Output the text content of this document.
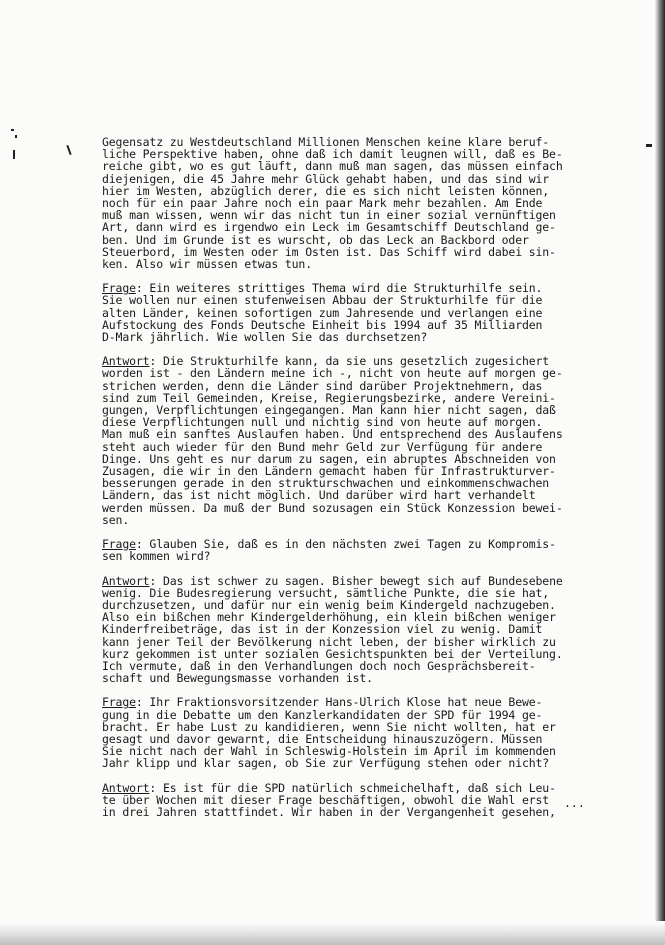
Gegensatz zu Westdeutschland Millionen Menschen keine klare beruf-
liche Perspektive haben, ohne daß ich damit leugnen will, daß es Be-
reiche gibt, wo es gut läuft, dann muß man sagen, das müssen einfach
diejenigen, die 45 Jahre mehr Glück gehabt haben, und das sind wir
hier im Westen, abzüglich derer, die es sich nicht leisten können,
noch für ein paar Jahre noch ein paar Mark mehr bezahlen. Am Ende
muß man wissen, wenn wir das nicht tun in einer sozial vernünftigen
Art, dann wird es irgendwo ein Leck im Gesamtschiff Deutschland ge-
ben. Und im Grunde ist es wurscht, ob das Leck an Backbord oder
Steuerbord, im Westen oder im Osten ist. Das Schiff wird dabei sin-
ken. Also wir müssen etwas tun.
Frage: Ein weiteres strittiges Thema wird die Strukturhilfe sein.
Sie wollen nur einen stufenweisen Abbau der Strukturhilfe für die
alten Länder, keinen sofortigen zum Jahresende und verlangen eine
Aufstockung des Fonds Deutsche Einheit bis 1994 auf 35 Milliarden
D-Mark jährlich. Wie wollen Sie das durchsetzen?
Antwort: Die Strukturhilfe kann, da sie uns gesetzlich zugesichert
worden ist - den Ländern meine ich -, nicht von heute auf morgen ge-
strichen werden, denn die Länder sind darüber Projektnehmern, das
sind zum Teil Gemeinden, Kreise, Regierungsbezirke, andere Vereini-
gungen, Verpflichtungen eingegangen. Man kann hier nicht sagen, daß
diese Verpflichtungen null und nichtig sind von heute auf morgen.
Man muß ein sanftes Auslaufen haben. Und entsprechend des Auslaufens
steht auch wieder für den Bund mehr Geld zur Verfügung für andere
Dinge. Uns geht es nur darum zu sagen, ein abruptes Abschneiden von
Zusagen, die wir in den Ländern gemacht haben für Infrastrukturver-
besserungen gerade in den strukturschwachen und einkommenschwachen
Ländern, das ist nicht möglich. Und darüber wird hart verhandelt
werden müssen. Da muß der Bund sozusagen ein Stück Konzession bewei-
sen.
Frage: Glauben Sie, daß es in den nächsten zwei Tagen zu Kompromis-
sen kommen wird?
Antwort: Das ist schwer zu sagen. Bisher bewegt sich auf Bundesebene
wenig. Die Budesregierung versucht, sämtliche Punkte, die sie hat,
durchzusetzen, und dafür nur ein wenig beim Kindergeld nachzugeben.
Also ein bißchen mehr Kindergelderhöhung, ein klein bißchen weniger
Kinderfreibeträge, das ist in der Konzession viel zu wenig. Damit
kann jener Teil der Bevölkerung nicht leben, der bisher wirklich zu
kurz gekommen ist unter sozialen Gesichtspunkten bei der Verteilung.
Ich vermute, daß in den Verhandlungen doch noch Gesprächsbereit-
schaft und Bewegungsmasse vorhanden ist.
Frage: Ihr Fraktionsvorsitzender Hans-Ulrich Klose hat neue Bewe-
gung in die Debatte um den Kanzlerkandidaten der SPD für 1994 ge-
bracht. Er habe Lust zu kandidieren, wenn Sie nicht wollten, hat er
gesagt und davor gewarnt, die Entscheidung hinauszuzögern. Müssen
Sie nicht nach der Wahl in Schleswig-Holstein im April im kommenden
Jahr klipp und klar sagen, ob Sie zur Verfügung stehen oder nicht?
Antwort: Es ist für die SPD natürlich schmeichelhaft, daß sich Leu-
te über Wochen mit dieser Frage beschäftigen, obwohl die Wahl erst
in drei Jahren stattfindet. Wir haben in der Vergangenheit gesehen,
...
